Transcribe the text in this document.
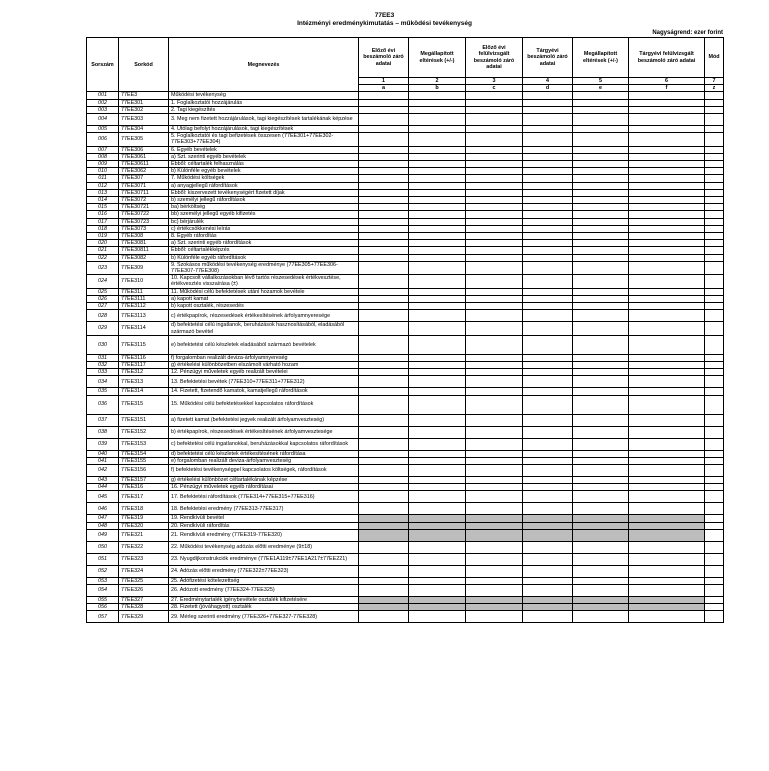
77EE3
Intézményi eredménykimutatás – működési tevékenység
Nagyságrend: ezer forint
Sorszám	Sorkód	Megnevezés	Előző évi beszámoló záró adatai	Megállapított eltérések (+/-)	Előző évi felülvizsgált beszámoló záró adatai	Tárgyévi beszámoló záró adatai	Megállapított eltérések (+/-)	Tárgyévi felülvizsgált beszámoló záró adatai	Mód
			1	2	3	4	5	6	7
			a	b	c	d	e	f	z
001	77EE3	Működési tevékenység							
002	77EE301	1. Foglalkoztatói hozzájárulás							
003	77EE302	2. Tagi kiegészítés							
004	77EE303	3. Meg nem fizetett hozzájárulások, tagi kiegészítések tartalékának képzése							
005	77EE304	4. Utólag befolyt hozzájárulások, tagi kiegészítések							
006	77EE305	5. Foglalkoztatói és tagi befizetések összesen (77EE301+77EE302-77EE303+77EE304)							
007	77EE306	6. Egyéb bevételek							
008	77EE3061	a) Szt. szerinti egyéb bevételek							
009	77EE30611	Ebből: céltartalék felhasználás							
010	77EE3062	b) Különféle egyéb bevételek							
011	77EE307	7. Működési költségek							
012	77EE3071	a) anyagjellegű ráfordítások							
013	77EE30711	Ebből: kiszervezett tevékenységért fizetett díjak							
014	77EE3072	b) személyi jellegű ráfordítások							
015	77EE30721	ba) bérköltség							
016	77EE30722	bb) személyi jellegű egyéb kifizetés							
017	77EE30723	bc) bérjárulék							
018	77EE3073	c) értékcsökkenési leírás							
019	77EE308	8. Egyéb ráfordítás							
020	77EE3081	a) Szt. szerinti egyéb ráfordítások							
021	77EE30811	Ebből: céltartalékképzés							
022	77EE3082	b) Különféle egyéb ráfordítások							
023	77EE309	9. Szokásos működési tevékenység eredménye (77EE305+77EE306-77EE307-77EE308)							
024	77EE310	10. Kapcsolt vállalkozásokban lévő tartós részesedések értékvesztése, értékvesztés visszaírása (±)							
025	77EE311	11. Működési célú befektetések utáni hozamok bevétele							
026	77EE3111	a) kapott kamat							
027	77EE3112	b) kapott osztalék, részesedés							
028	77EE3113	c) értékpapírok, részesedések értékesítésének árfolyamnyeresége							
029	77EE3114	d) befektetési célú ingatlanok, beruházások hasznosításából, eladásából származó bevétel							
030	77EE3115	e) befektetési célú készletek eladásából származó bevételek							
031	77EE3116	f) forgalomban realizált deviza-árfolyamnyereség							
032	77EE3117	g) értékelési különbözetben elszámolt várható hozam							
033	77EE312	12. Pénzügyi műveletek egyéb realizált bevételei							
034	77EE313	13. Befektetési bevétek (77EE310+77EE311+77EE312)							
035	77EE314	14. Fizetett, fizetendő kamatok, kamatjellegű ráfordítások							
036	77EE315	15. Működési célú befektetésekkel kapcsolatos ráfordítások							
037	77EE3151	a) fizetett kamat (befektetési jegyek realizált árfolyamveszteség)							
038	77EE3152	b) értékpapírok, részesedések értékesítésének árfolyamvesztesége							
039	77EE3153	c) befektetési célú ingatlanokkal, beruházásokkal kapcsolatos ráfordítások							
040	77EE3154	d) befektetési célú készletek értékesítésének ráfordítása							
041	77EE3155	e) forgalomban realizált deviza-árfolyamveszteség							
042	77EE3156	f) befektetési tevékenységgel kapcsolatos költségek, ráfordítások							
043	77EE3157	g) értékelési különbözet céltartalékának képzése							
044	77EE316	16. Pénzügyi műveletek egyéb ráfordításai							
045	77EE317	17. Befektetési ráfordítások (77EE314+77EE315+77EE316)							
046	77EE318	18. Befektetési eredmény (77EE313-77EE317)							
047	77EE319	19. Rendkívüli bevétel							
048	77EE320	20. Rendkívüli ráfordítás							
049	77EE321	21. Rendkívüli eredmény (77EE319-77EE320)							
050	77EE322	22. Működési tevékenység adózás előtti eredménye (9±18)							
051	77EE323	23. Nyugdíjkonstrukciók eredménye (77EE1A119±77EE1A217±77EE221)							
052	77EE324	24. Adózás előtti eredmény (77EE322±77EE323)							
053	77EE325	25. Adófizetési kötelezettség							
054	77EE326	26. Adózott eredmény (77EE324-77EE325)							
055	77EE327	27. Eredménytartalék igénybevétele osztalék kifizetésére							
056	77EE328	28. Fizetett (jóváhagyott) osztalék							
057	77EE329	29. Mérleg szerinti eredmény (77EE326+77EE327-77EE328)							
